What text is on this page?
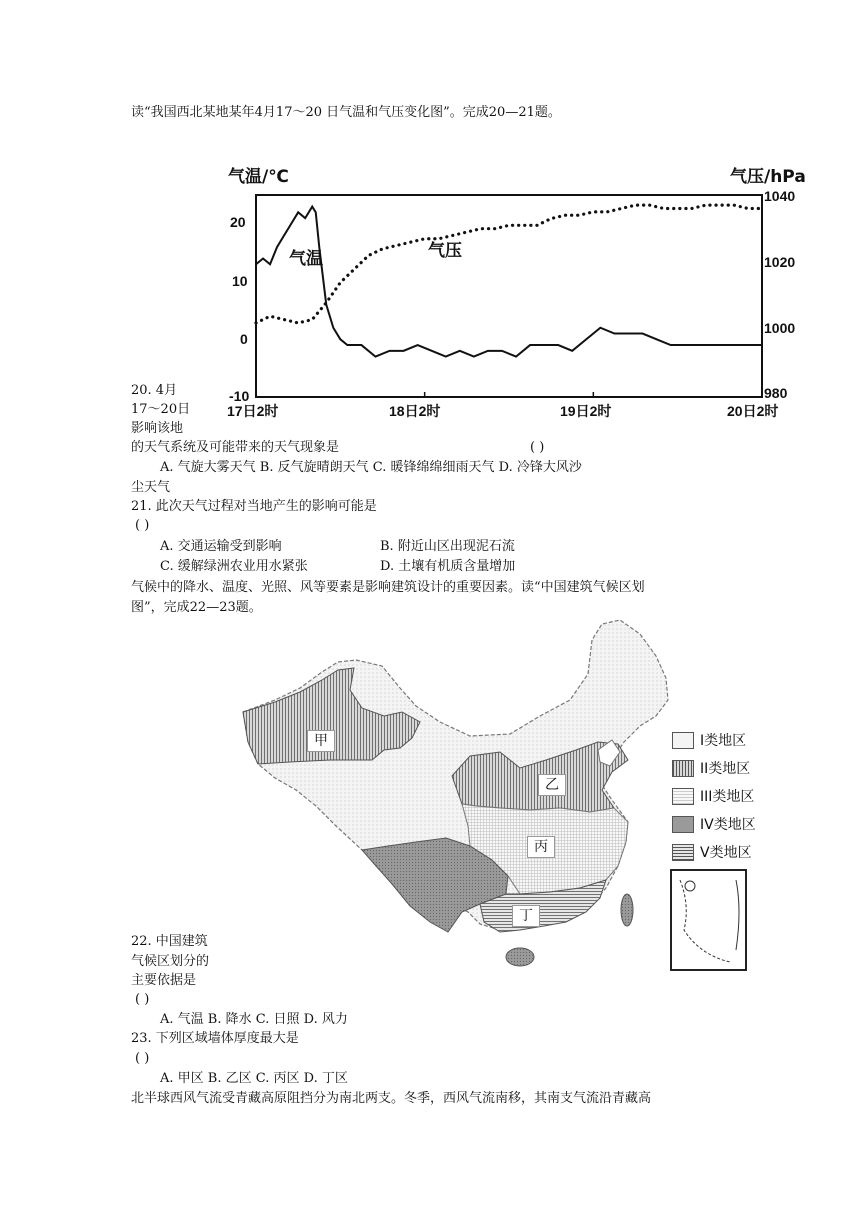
读“我国西北某地某年4月17～20 日气温和气压变化图”。完成20—21题。
气温/℃	气压/hPa
20
10
0
-10
1040
1020
1000
980
17日2时	18日2时	19日2时	20日2时
气温	气压
20. 4月
17～20日
影响该地
的天气系统及可能带来的天气现象是	( )
A. 气旋大雾天气 B. 反气旋晴朗天气 C. 暖锋绵绵细雨天气 D. 冷锋大风沙
尘天气
21. 此次天气过程对当地产生的影响可能是
( )
A. 交通运输受到影响	B. 附近山区出现泥石流
C. 缓解绿洲农业用水紧张	D. 土壤有机质含量增加
气候中的降水、温度、光照、风等要素是影响建筑设计的重要因素。读“中国建筑气候区划
图”，完成22—23题。
甲
乙
丙
丁
I类地区
II类地区
III类地区
IV类地区
V类地区
22. 中国建筑
气候区划分的
主要依据是
( )
A. 气温 B. 降水 C. 日照 D. 风力
23. 下列区域墙体厚度最大是
( )
A. 甲区 B. 乙区 C. 丙区 D. 丁区
北半球西风气流受青藏高原阻挡分为南北两支。冬季，西风气流南移，其南支气流沿青藏高
